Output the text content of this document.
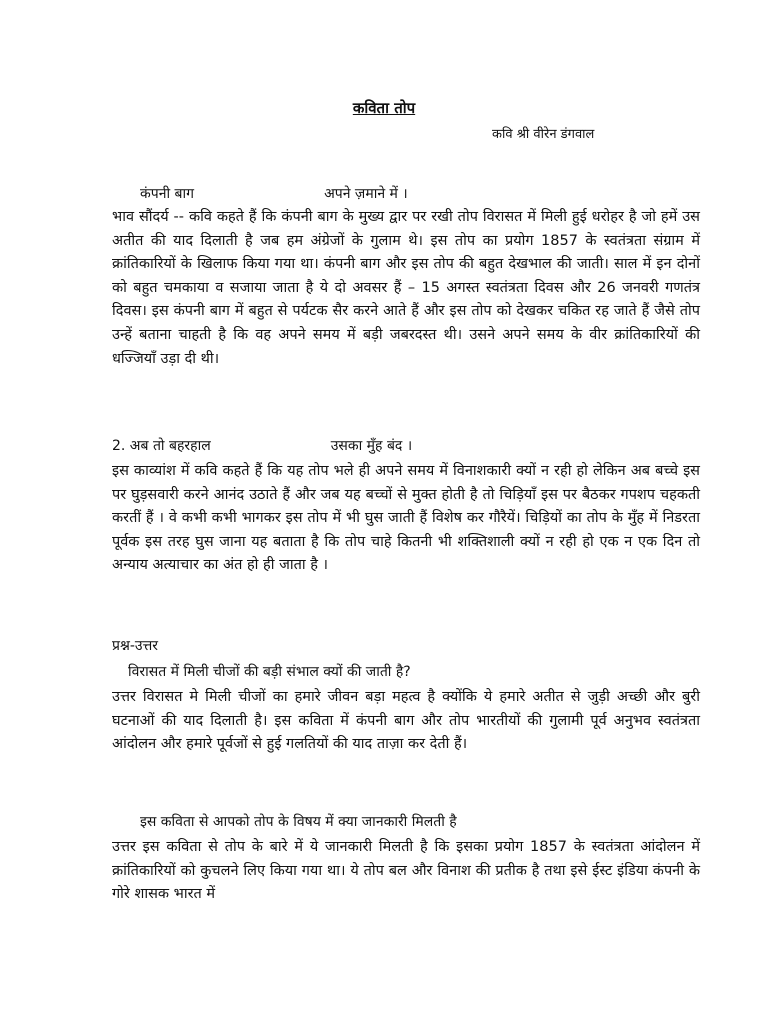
कविता तोप
कवि श्री वीरेन डंगवाल
कंपनी बाग	अपने ज़माने में ।

भाव सौंदर्य -- कवि कहते हैं कि कंपनी बाग के मुख्य द्वार पर रखी तोप विरासत में मिली हुई धरोहर है जो हमें उस अतीत की याद दिलाती है जब हम अंग्रेजों के गुलाम थे। इस तोप का प्रयोग 1857 के स्वतंत्रता संग्राम में क्रांतिकारियों के खिलाफ किया गया था। कंपनी बाग और इस तोप की बहुत देखभाल की जाती। साल में इन दोनों को बहुत चमकाया व सजाया जाता है ये दो अवसर हैं – 15 अगस्त स्वतंत्रता दिवस और 26 जनवरी गणतंत्र दिवस। इस कंपनी बाग में बहुत से पर्यटक सैर करने आते हैं और इस तोप को देखकर चकित रह जाते हैं जैसे तोप उन्हें बताना चाहती है कि वह अपने समय में बड़ी जबरदस्त थी। उसने अपने समय के वीर क्रांतिकारियों की धज्जियाँ उड़ा दी थी।

2. अब तो बहरहाल	उसका मुँह बंद ।

इस काव्यांश में कवि कहते हैं कि यह तोप भले ही अपने समय में विनाशकारी क्यों न रही हो लेकिन अब बच्चे इस पर घुड़सवारी करने आनंद उठाते हैं और जब यह बच्चों से मुक्त होती है तो चिड़ियाँ इस पर बैठकर गपशप चहकती करतीं हैं । वे कभी कभी भागकर इस तोप में भी घुस जाती हैं विशेष कर गौरैयें। चिड़ियों का तोप के मुँह में निडरता पूर्वक इस तरह घुस जाना यह बताता है कि तोप चाहे कितनी भी शक्तिशाली क्यों न रही हो एक न एक दिन तो अन्याय अत्याचार का अंत हो ही जाता है ।

प्रश्न-उत्तर
विरासत में मिली चीजों की बड़ी संभाल क्यों की जाती है?

उत्तर विरासत मे मिली चीजों का हमारे जीवन बड़ा महत्व है क्योंकि ये हमारे अतीत से जुड़ी अच्छी और बुरी घटनाओं की याद दिलाती है। इस कविता में कंपनी बाग और तोप भारतीयों की गुलामी पूर्व अनुभव स्वतंत्रता आंदोलन और हमारे पूर्वजों से हुई गलतियों की याद ताज़ा कर देती हैं।

इस कविता से आपको तोप के विषय में क्या जानकारी मिलती है

उत्तर इस कविता से तोप के बारे में ये जानकारी मिलती है कि इसका प्रयोग 1857 के स्वतंत्रता आंदोलन में क्रांतिकारियों को कुचलने लिए किया गया था। ये तोप बल और विनाश की प्रतीक है तथा इसे ईस्ट इंडिया कंपनी के गोरे शासक भारत में
